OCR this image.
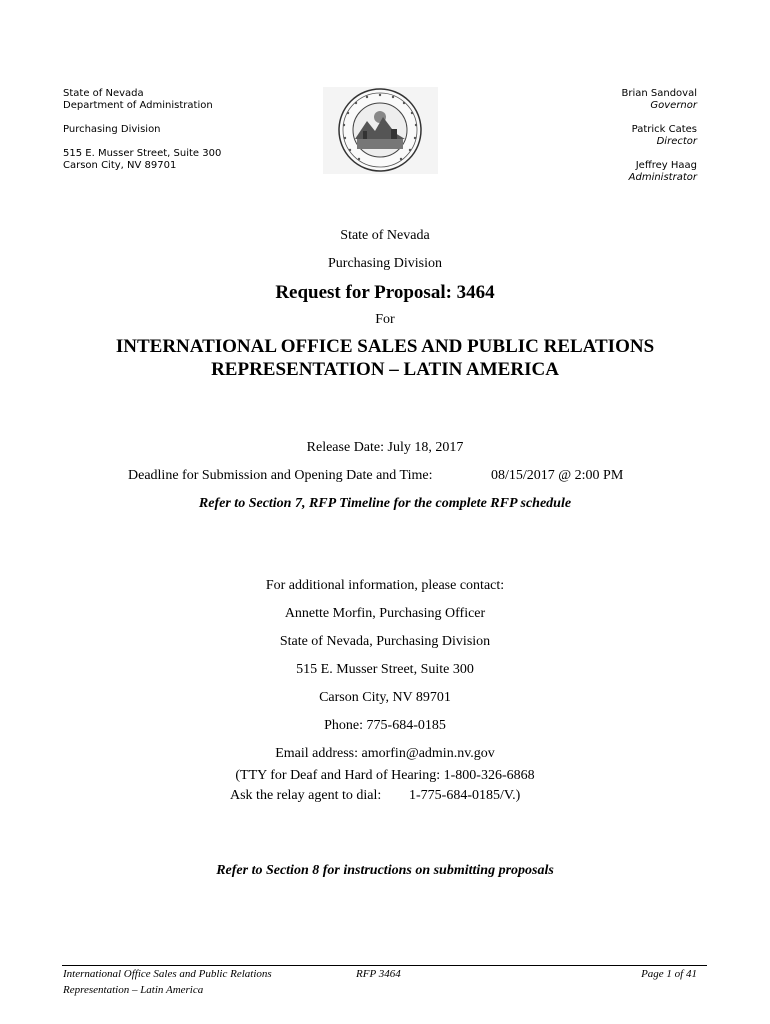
State of Nevada
Department of Administration
Purchasing Division
515 E. Musser Street, Suite 300
Carson City, NV 89701
Brian Sandoval
Governor
Patrick Cates
Director
Jeffrey Haag
Administrator
State of Nevada
Purchasing Division
Request for Proposal: 3464
For
INTERNATIONAL OFFICE SALES AND PUBLIC RELATIONS
REPRESENTATION – LATIN AMERICA
Release Date: July 18, 2017
Deadline for Submission and Opening Date and Time:	08/15/2017 @ 2:00 PM
Refer to Section 7, RFP Timeline for the complete RFP schedule
For additional information, please contact:
Annette Morfin, Purchasing Officer
State of Nevada, Purchasing Division
515 E. Musser Street, Suite 300
Carson City, NV 89701
Phone: 775-684-0185
Email address: amorfin@admin.nv.gov
(TTY for Deaf and Hard of Hearing: 1-800-326-6868
Ask the relay agent to dial: 1-775-684-0185/V.)
Refer to Section 8 for instructions on submitting proposals
International Office Sales and Public Relations
Representation – Latin America
RFP 3464	Page 1 of 41
